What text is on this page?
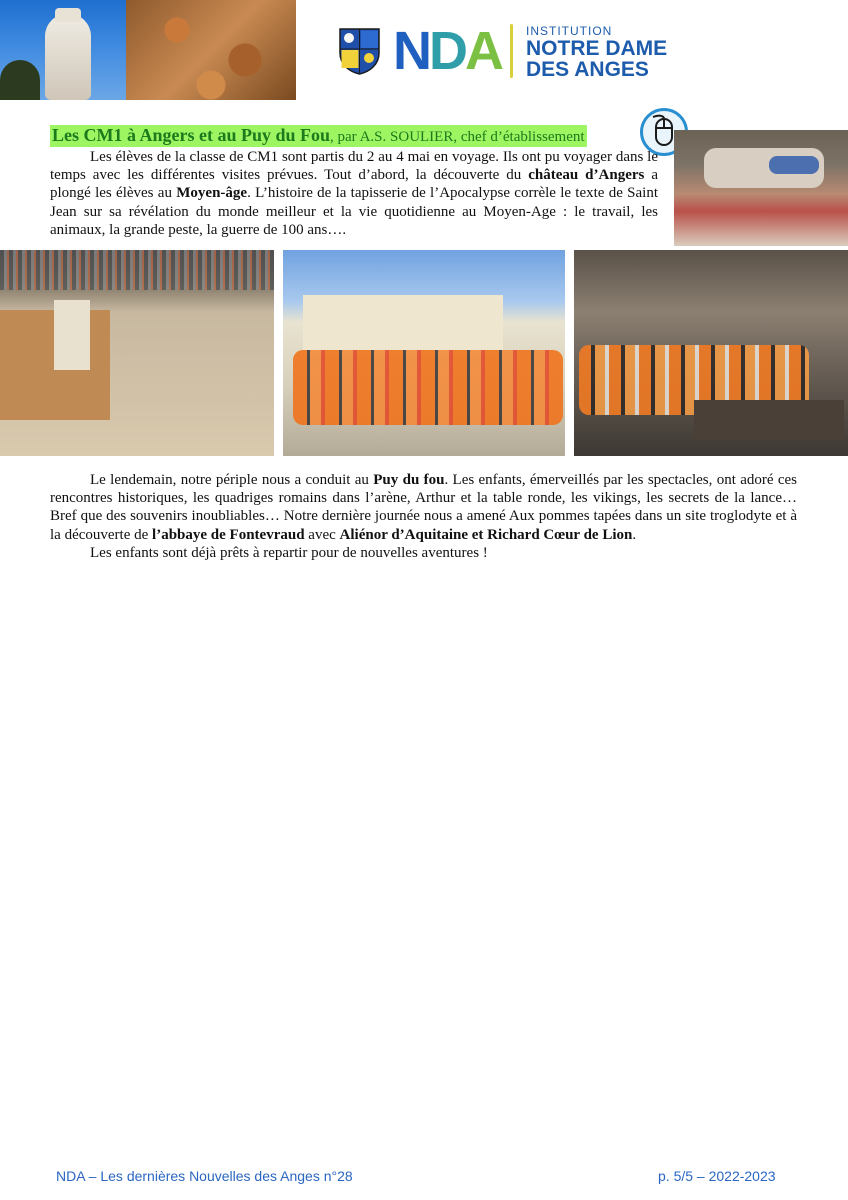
NDA INSTITUTION
NOTRE DAME
DES ANGES
Les CM1 à Angers et au Puy du Fou, par A.S. SOULIER, chef d’établissement

Les élèves de la classe de CM1 sont partis du 2 au 4 mai en voyage. Ils ont pu voyager dans le temps avec les différentes visites prévues. Tout d’abord, la découverte du château d’Angers a plongé les élèves au Moyen-âge. L’histoire de la tapisserie de l’Apocalypse corrèle le texte de Saint Jean sur sa révélation du monde meilleur et la vie quotidienne au Moyen-Age : le travail, les animaux, la grande peste, la guerre de 100 ans….

Le lendemain, notre périple nous a conduit au Puy du fou. Les enfants, émerveillés par les spectacles, ont adoré ces rencontres historiques, les quadriges romains dans l’arène, Arthur et la table ronde, les vikings, les secrets de la lance… Bref que des souvenirs inoubliables… Notre dernière journée nous a amené Aux pommes tapées dans un site troglodyte et à la découverte de l’abbaye de Fontevraud avec Aliénor d’Aquitaine et Richard Cœur de Lion.

Les enfants sont déjà prêts à repartir pour de nouvelles aventures !

NDA – Les dernières Nouvelles des Anges n°28	p. 5/5 – 2022-2023
